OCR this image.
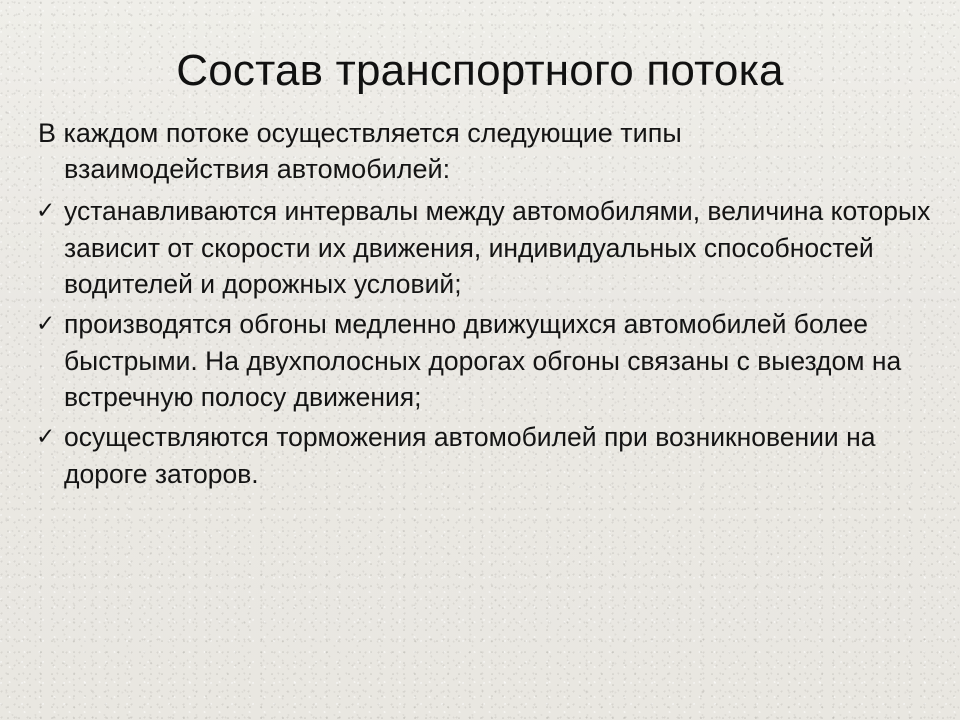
Состав транспортного потока

В каждом потоке осуществляется следующие типы
взаимодействия автомобилей:

✓ устанавливаются интервалы между автомобилями, величина которых зависит от скорости их движения, индивидуальных способностей водителей и дорожных условий;

✓ производятся обгоны медленно движущихся автомобилей более быстрыми. На двухполосных дорогах обгоны связаны с выездом на встречную полосу движения;

✓ осуществляются торможения автомобилей при возникновении на дороге заторов.
